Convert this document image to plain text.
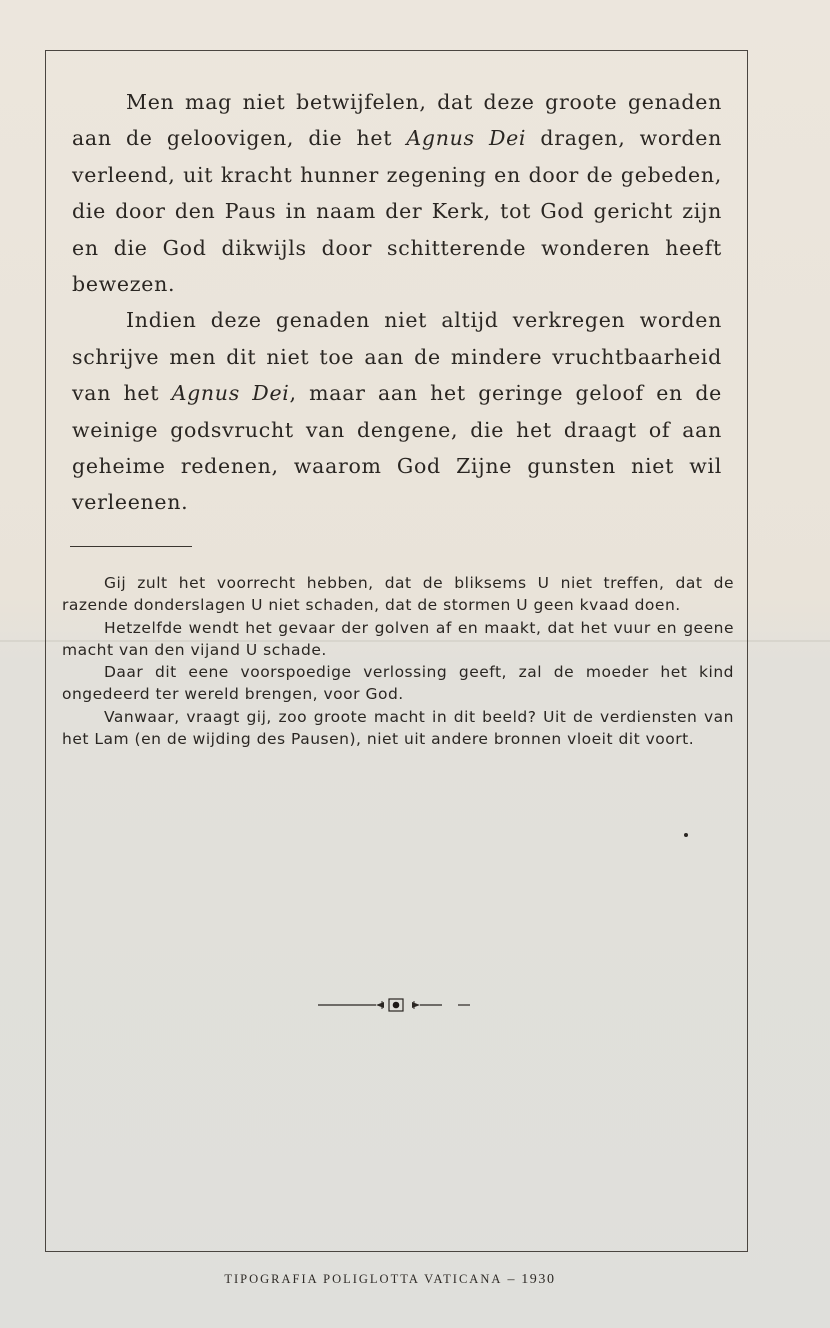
Men mag niet betwijfelen, dat deze groote genaden aan de geloovigen, die het Agnus Dei dragen, worden verleend, uit kracht hunner zegening en door de gebeden, die door den Paus in naam der Kerk, tot God gericht zijn en die God dikwijls door schitterende wonderen heeft bewezen.

Indien deze genaden niet altijd verkregen worden schrijve men dit niet toe aan de mindere vruchtbaarheid van het Agnus Dei, maar aan het geringe geloof en de weinige godsvrucht van dengene, die het draagt of aan geheime redenen, waarom God Zijne gunsten niet wil verleenen.

Gij zult het voorrecht hebben, dat de bliksems U niet treffen, dat de razende donderslagen U niet schaden, dat de stormen U geen kvaad doen.

Hetzelfde wendt het gevaar der golven af en maakt, dat het vuur en geene macht van den vijand U schade.

Daar dit eene voorspoedige verlossing geeft, zal de moeder het kind ongedeerd ter wereld brengen, voor God.

Vanwaar, vraagt gij, zoo groote macht in dit beeld? Uit de verdiensten van het Lam (en de wijding des Pausen), niet uit andere bronnen vloeit dit voort.

TIPOGRAFIA POLIGLOTTA VATICANA – 1930
